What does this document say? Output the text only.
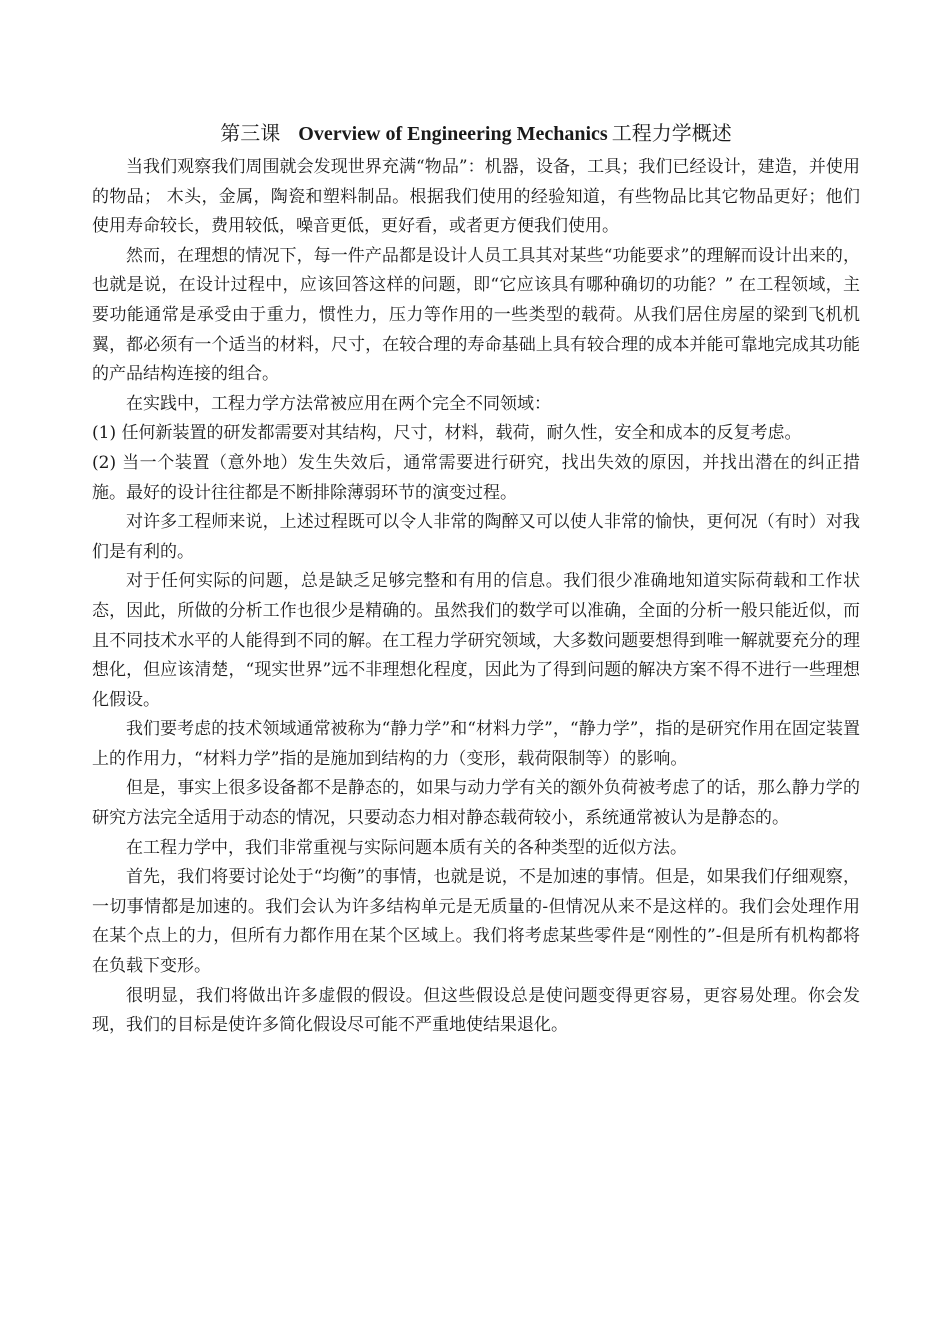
第三课 Overview of Engineering Mechanics 工程力学概述

当我们观察我们周围就会发现世界充满“物品”：机器，设备，工具；我们已经设计，建造，并使用的物品； 木头，金属，陶瓷和塑料制品。根据我们使用的经验知道，有些物品比其它物品更好；他们使用寿命较长，费用较低，噪音更低，更好看，或者更方便我们使用。

然而，在理想的情况下，每一件产品都是设计人员工具其对某些“功能要求”的理解而设计出来的，也就是说，在设计过程中，应该回答这样的问题，即“它应该具有哪种确切的功能？” 在工程领域，主要功能通常是承受由于重力，惯性力，压力等作用的一些类型的载荷。从我们居住房屋的梁到飞机机翼，都必须有一个适当的材料，尺寸，在较合理的寿命基础上具有较合理的成本并能可靠地完成其功能的产品结构连接的组合。

在实践中，工程力学方法常被应用在两个完全不同领域：

(1) 任何新装置的研发都需要对其结构，尺寸，材料，载荷，耐久性，安全和成本的反复考虑。

(2) 当一个装置（意外地）发生失效后，通常需要进行研究，找出失效的原因，并找出潜在的纠正措施。最好的设计往往都是不断排除薄弱环节的演变过程。

对许多工程师来说，上述过程既可以令人非常的陶醉又可以使人非常的愉快，更何况（有时）对我们是有利的。

对于任何实际的问题，总是缺乏足够完整和有用的信息。我们很少准确地知道实际荷载和工作状态，因此，所做的分析工作也很少是精确的。虽然我们的数学可以准确，全面的分析一般只能近似，而且不同技术水平的人能得到不同的解。在工程力学研究领域，大多数问题要想得到唯一解就要充分的理想化，但应该清楚，“现实世界”远不非理想化程度，因此为了得到问题的解决方案不得不进行一些理想化假设。

我们要考虑的技术领域通常被称为“静力学”和“材料力学”，“静力学”，指的是研究作用在固定装置上的作用力，“材料力学”指的是施加到结构的力（变形，载荷限制等）的影响。

但是，事实上很多设备都不是静态的，如果与动力学有关的额外负荷被考虑了的话，那么静力学的研究方法完全适用于动态的情况，只要动态力相对静态载荷较小，系统通常被认为是静态的。

在工程力学中，我们非常重视与实际问题本质有关的各种类型的近似方法。

首先，我们将要讨论处于“均衡”的事情，也就是说，不是加速的事情。但是，如果我们仔细观察，一切事情都是加速的。我们会认为许多结构单元是无质量的-但情况从来不是这样的。我们会处理作用在某个点上的力，但所有力都作用在某个区域上。我们将考虑某些零件是“刚性的”-但是所有机构都将在负载下变形。

很明显，我们将做出许多虚假的假设。但这些假设总是使问题变得更容易，更容易处理。你会发现，我们的目标是使许多简化假设尽可能不严重地使结果退化。
